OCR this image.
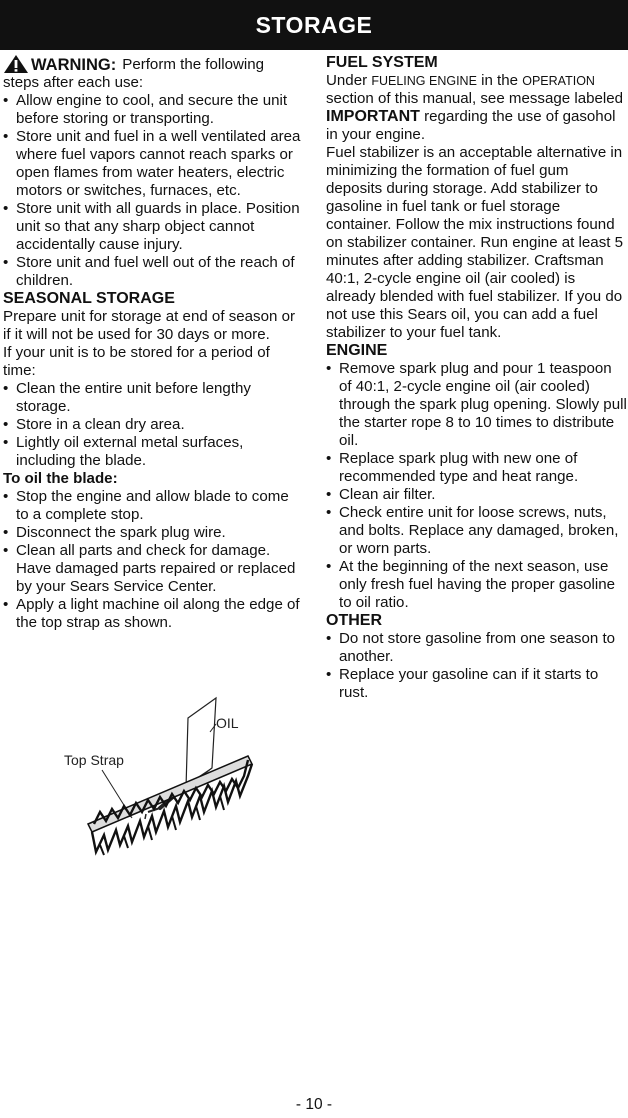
STORAGE
WARNING: Perform the following

steps after each use:

• Allow engine to cool, and secure the unit before storing or transporting.
• Store unit and fuel in a well ventilated area where fuel vapors cannot reach sparks or open flames from water heaters, electric motors or switches, furnaces, etc.
• Store unit with all guards in place. Position unit so that any sharp object cannot accidentally cause injury.
• Store unit and fuel well out of the reach of children.
SEASONAL STORAGE

Prepare unit for storage at end of season or if it will not be used for 30 days or more.

If your unit is to be stored for a period of time:

• Clean the entire unit before lengthy storage.
• Store in a clean dry area.
• Lightly oil external metal surfaces, including the blade.
To oil the blade:
• Stop the engine and allow blade to come to a complete stop.
• Disconnect the spark plug wire.
• Clean all parts and check for damage. Have damaged parts repaired or replaced by your Sears Service Center.
• Apply a light machine oil along the edge of the top strap as shown.
OIL
Top Strap
FUEL SYSTEM

Under FUELING ENGINE in the OPERATION section of this manual, see message labeled IMPORTANT regarding the use of gasohol in your engine.

Fuel stabilizer is an acceptable alternative in minimizing the formation of fuel gum deposits during storage. Add stabilizer to gasoline in fuel tank or fuel storage container. Follow the mix instructions found on stabilizer container. Run engine at least 5 minutes after adding stabilizer. Craftsman 40:1, 2-cycle engine oil (air cooled) is already blended with fuel stabilizer. If you do not use this Sears oil, you can add a fuel stabilizer to your fuel tank.

ENGINE
• Remove spark plug and pour 1 teaspoon of 40:1, 2-cycle engine oil (air cooled) through the spark plug opening. Slowly pull the starter rope 8 to 10 times to distribute oil.
• Replace spark plug with new one of recommended type and heat range.
• Clean air filter.
• Check entire unit for loose screws, nuts, and bolts. Replace any damaged, broken, or worn parts.
• At the beginning of the next season, use only fresh fuel having the proper gasoline to oil ratio.
OTHER
• Do not store gasoline from one season to another.
• Replace your gasoline can if it starts to rust.
- 10 -
